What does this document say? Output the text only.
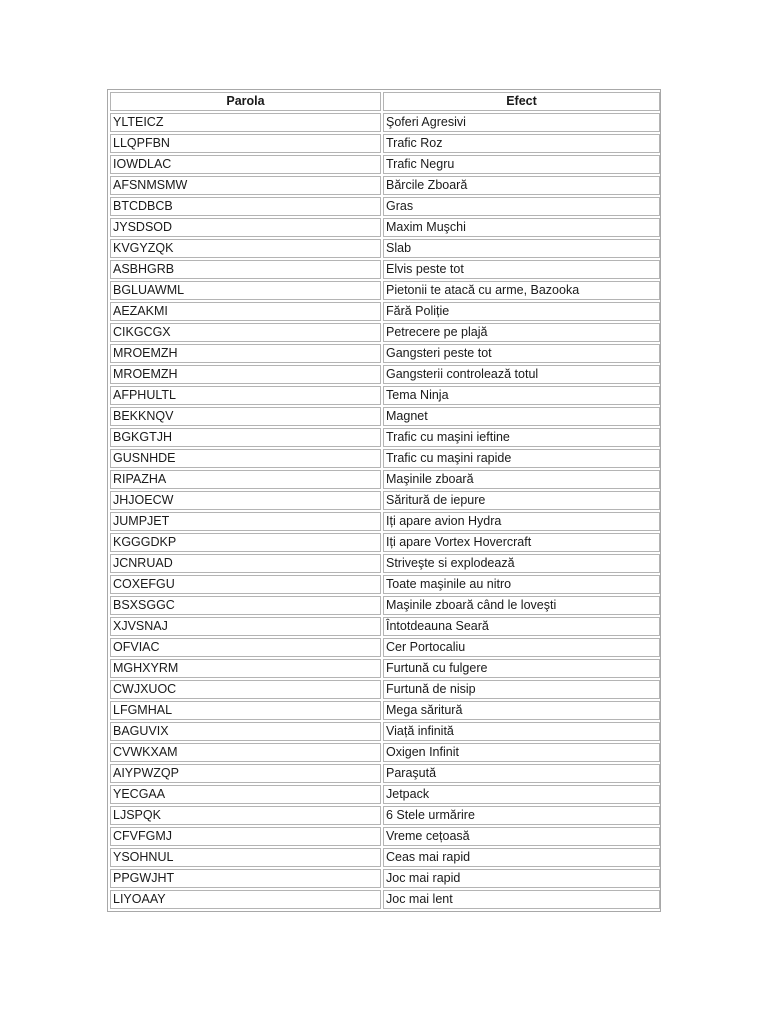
Parola	Efect
YLTEICZ	Şoferi Agresivi
LLQPFBN	Trafic Roz
IOWDLAC	Trafic Negru
AFSNMSMW	Bărcile Zboară
BTCDBCB	Gras
JYSDSOD	Maxim Muşchi
KVGYZQK	Slab
ASBHGRB	Elvis peste tot
BGLUAWML	Pietonii te atacă cu arme, Bazooka
AEZAKMI	Fără Poliție
CIKGCGX	Petrecere pe plajă
MROEMZH	Gangsteri peste tot
MROEMZH	Gangsterii controlează totul
AFPHULTL	Tema Ninja
BEKKNQV	Magnet
BGKGTJH	Trafic cu maşini ieftine
GUSNHDE	Trafic cu maşini rapide
RIPAZHA	Maşinile zboară
JHJOECW	Săritură de iepure
JUMPJET	Iți apare avion Hydra
KGGGDKP	Iți apare Vortex Hovercraft
JCNRUAD	Striveşte si explodează
COXEFGU	Toate maşinile au nitro
BSXSGGC	Maşinile zboară când le loveşti
XJVSNAJ	Întotdeauna Seară
OFVIAC	Cer Portocaliu
MGHXYRM	Furtună cu fulgere
CWJXUOC	Furtună de nisip
LFGMHAL	Mega săritură
BAGUVIX	Viață infinită
CVWKXAM	Oxigen Infinit
AIYPWZQP	Paraşută
YECGAA	Jetpack
LJSPQK	6 Stele urmărire
CFVFGMJ	Vreme cețoasă
YSOHNUL	Ceas mai rapid
PPGWJHT	Joc mai rapid
LIYOAAY	Joc mai lent
